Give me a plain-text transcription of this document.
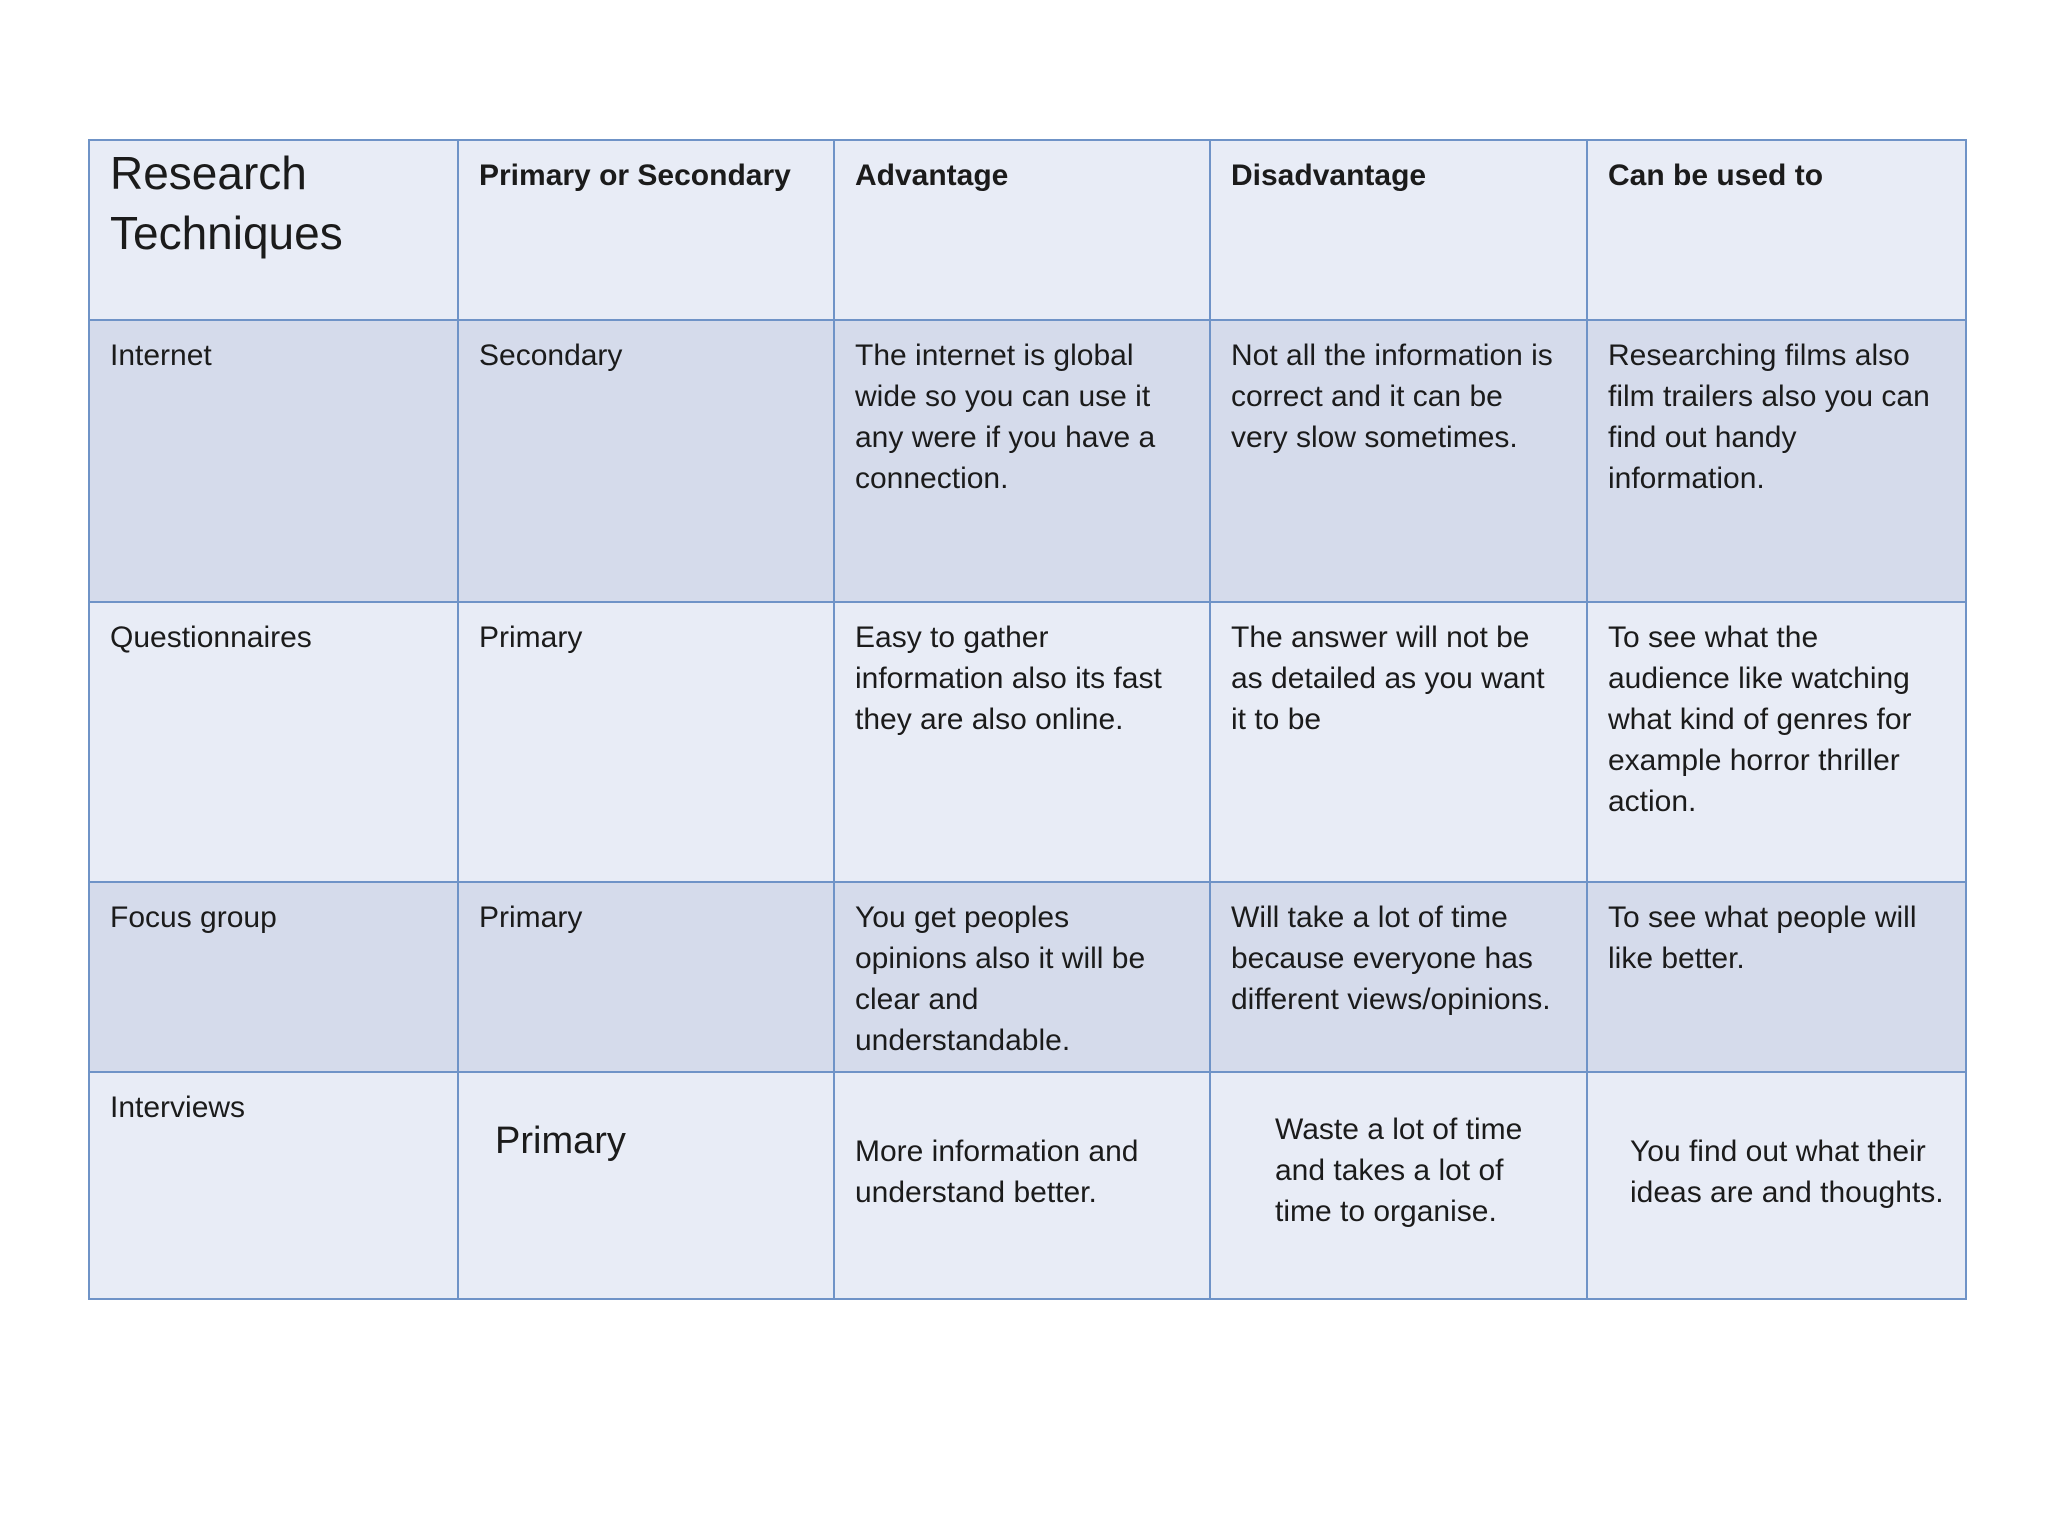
Research Techniques	Primary or Secondary	Advantage	Disadvantage	Can be used to
Internet	Secondary	The internet is global wide so you can use it any were if you have a connection.	Not all the information is correct and it can be very slow sometimes.	Researching films also film trailers also you can find out handy information.
Questionnaires	Primary	Easy to gather information also its fast they are also online.	The answer will not be as detailed as you want it to be	To see what the audience like watching what kind of genres for example horror thriller action.
Focus group	Primary	You get peoples opinions also it will be clear and understandable.	Will take a lot of time because everyone has different views/opinions.	To see what people will like better.
Interviews	Primary	More information and understand better.	Waste a lot of time and takes a lot of time to organise.	You find out what their ideas are and thoughts.
